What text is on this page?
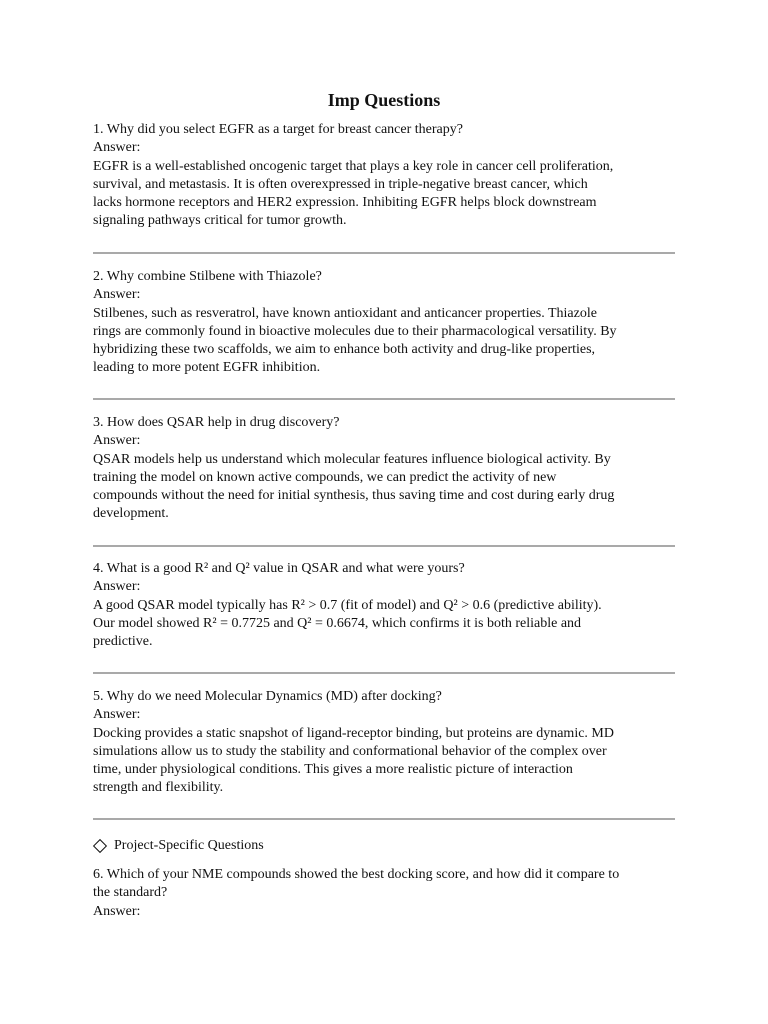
Imp Questions

1. Why did you select EGFR as a target for breast cancer therapy?

Answer:

EGFR is a well-established oncogenic target that plays a key role in cancer cell proliferation,

survival, and metastasis. It is often overexpressed in triple-negative breast cancer, which

lacks hormone receptors and HER2 expression. Inhibiting EGFR helps block downstream

signaling pathways critical for tumor growth.

2. Why combine Stilbene with Thiazole?

Answer:

Stilbenes, such as resveratrol, have known antioxidant and anticancer properties. Thiazole

rings are commonly found in bioactive molecules due to their pharmacological versatility. By

hybridizing these two scaffolds, we aim to enhance both activity and drug-like properties,

leading to more potent EGFR inhibition.

3. How does QSAR help in drug discovery?

Answer:

QSAR models help us understand which molecular features influence biological activity. By

training the model on known active compounds, we can predict the activity of new

compounds without the need for initial synthesis, thus saving time and cost during early drug

development.

4. What is a good R² and Q² value in QSAR and what were yours?

Answer:

A good QSAR model typically has R² > 0.7 (fit of model) and Q² > 0.6 (predictive ability).

Our model showed R² = 0.7725 and Q² = 0.6674, which confirms it is both reliable and

predictive.

5. Why do we need Molecular Dynamics (MD) after docking?

Answer:

Docking provides a static snapshot of ligand-receptor binding, but proteins are dynamic. MD

simulations allow us to study the stability and conformational behavior of the complex over

time, under physiological conditions. This gives a more realistic picture of interaction

strength and flexibility.

Project-Specific Questions

6. Which of your NME compounds showed the best docking score, and how did it compare to

the standard?

Answer:
